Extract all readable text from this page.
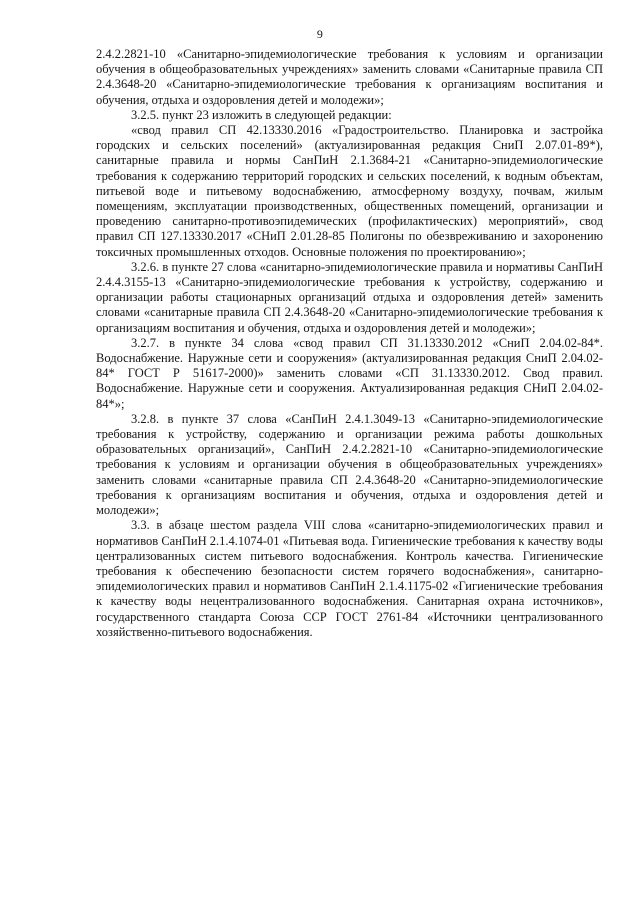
9

2.4.2.2821-10 «Санитарно-эпидемиологические требования к условиям и организации обучения в общеобразовательных учреждениях» заменить словами «Санитарные правила СП 2.4.3648-20 «Санитарно-эпидемиологические требования к организациям воспитания и обучения, отдыха и оздоровления детей и молодежи»;

3.2.5. пункт 23 изложить в следующей редакции:

«свод правил СП 42.13330.2016 «Градостроительство. Планировка и застройка городских и сельских поселений» (актуализированная редакция СниП 2.07.01-89*), санитарные правила и нормы СанПиН 2.1.3684-21 «Санитарно-эпидемиологические требования к содержанию территорий городских и сельских поселений, к водным объектам, питьевой воде и питьевому водоснабжению, атмосферному воздуху, почвам, жилым помещениям, эксплуатации производственных, общественных помещений, организации и проведению санитарно-противоэпидемических (профилактических) мероприятий», свод правил СП 127.13330.2017 «СНиП 2.01.28-85 Полигоны по обезвреживанию и захоронению токсичных промышленных отходов. Основные положения по проектированию»;

3.2.6. в пункте 27 слова «санитарно-эпидемиологические правила и нормативы СанПиН 2.4.4.3155-13 «Санитарно-эпидемиологические требования к устройству, содержанию и организации работы стационарных организаций отдыха и оздоровления детей» заменить словами «санитарные правила СП 2.4.3648-20 «Санитарно-эпидемиологические требования к организациям воспитания и обучения, отдыха и оздоровления детей и молодежи»;

3.2.7. в пункте 34 слова «свод правил СП 31.13330.2012 «СниП 2.04.02-84*. Водоснабжение. Наружные сети и сооружения» (актуализированная редакция СниП 2.04.02-84* ГОСТ Р 51617-2000)» заменить словами «СП 31.13330.2012. Свод правил. Водоснабжение. Наружные сети и сооружения. Актуализированная редакция СНиП 2.04.02-84*»;

3.2.8. в пункте 37 слова «СанПиН 2.4.1.3049-13 «Санитарно-эпидемиологические требования к устройству, содержанию и организации режима работы дошкольных образовательных организаций», СанПиН 2.4.2.2821-10 «Санитарно-эпидемиологические требования к условиям и организации обучения в общеобразовательных учреждениях» заменить словами «санитарные правила СП 2.4.3648-20 «Санитарно-эпидемиологические требования к организациям воспитания и обучения, отдыха и оздоровления детей и молодежи»;

3.3. в абзаце шестом раздела VIII слова «санитарно-эпидемиологических правил и нормативов СанПиН 2.1.4.1074-01 «Питьевая вода. Гигиенические требования к качеству воды централизованных систем питьевого водоснабжения. Контроль качества. Гигиенические требования к обеспечению безопасности систем горячего водоснабжения», санитарно-эпидемиологических правил и нормативов СанПиН 2.1.4.1175-02 «Гигиенические требования к качеству воды нецентрализованного водоснабжения. Санитарная охрана источников», государственного стандарта Союза ССР ГОСТ 2761-84 «Источники централизованного хозяйственно-питьевого водоснабжения.
